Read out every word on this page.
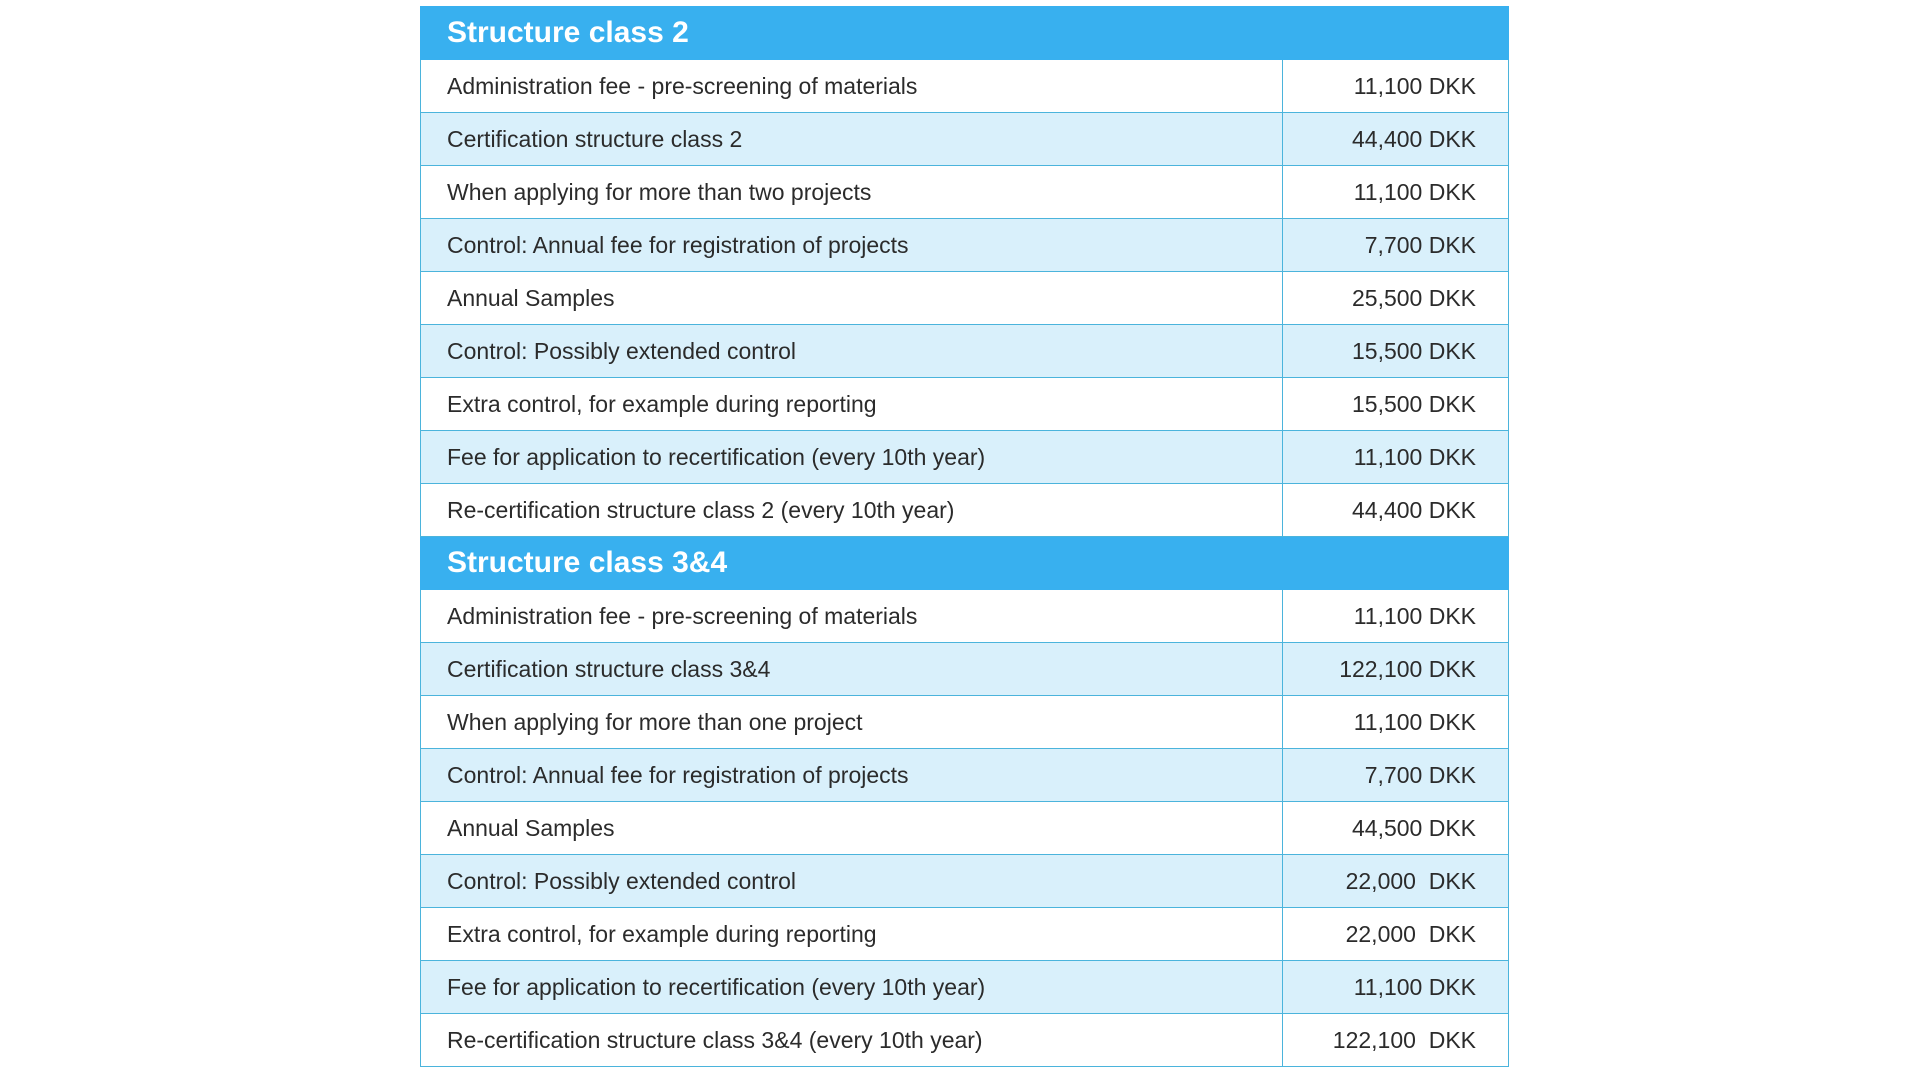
Structure class 2	
Administration fee - pre-screening of materials	11,100 DKK
Certification structure class 2	44,400 DKK
When applying for more than two projects	11,100 DKK
Control: Annual fee for registration of projects	7,700 DKK
Annual Samples	25,500 DKK
Control: Possibly extended control	15,500 DKK
Extra control, for example during reporting	15,500 DKK
Fee for application to recertification (every 10th year)	11,100 DKK
Re-certification structure class 2 (every 10th year)	44,400 DKK
Structure class 3&4	
Administration fee - pre-screening of materials	11,100 DKK
Certification structure class 3&4	122,100 DKK
When applying for more than one project	11,100 DKK
Control: Annual fee for registration of projects	7,700 DKK
Annual Samples	44,500 DKK
Control: Possibly extended control	22,000  DKK
Extra control, for example during reporting	22,000  DKK
Fee for application to recertification (every 10th year)	11,100 DKK
Re-certification structure class 3&4 (every 10th year)	122,100  DKK
